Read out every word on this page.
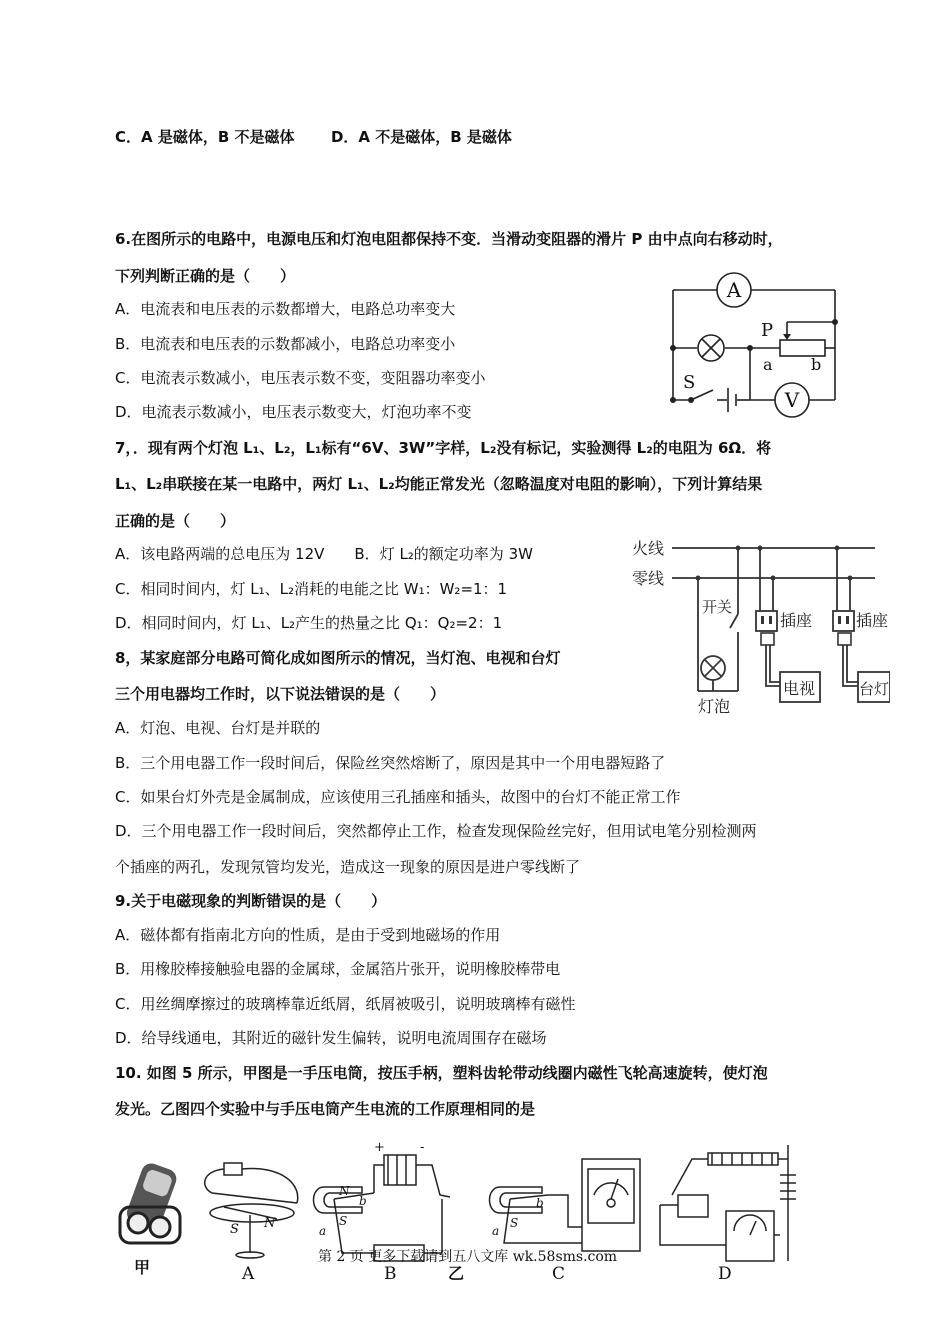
C．A 是磁体，B 不是磁体 D．A 不是磁体，B 是磁体
6.在图所示的电路中，电源电压和灯泡电阻都保持不变．当滑动变阻器的滑片 P 由中点向右移动时，
下列判断正确的是（　　）
A．电流表和电压表的示数都增大，电路总功率变大
B．电流表和电压表的示数都减小，电路总功率变小
C．电流表示数减小，电压表示数不变，变阻器功率变小
D．电流表示数减小，电压表示数变大，灯泡功率不变
A
V
P
a b
S
7，．现有两个灯泡 L₁、L₂，L₁标有“6V、3W”字样，L₂没有标记，实验测得 L₂的电阻为 6Ω．将
L₁、L₂串联接在某一电路中，两灯 L₁、L₂均能正常发光（忽略温度对电阻的影响），下列计算结果
正确的是（　　）
A．该电路两端的总电压为 12V　　B．灯 L₂的额定功率为 3W
C．相同时间内，灯 L₁、L₂消耗的电能之比 W₁：W₂=1：1
D．相同时间内，灯 L₁、L₂产生的热量之比 Q₁：Q₂=2：1
火线
零线
开关
插座	插座
灯泡
电视	台灯
8，某家庭部分电路可简化成如图所示的情况，当灯泡、电视和台灯
三个用电器均工作时，以下说法错误的是（　　）
A．灯泡、电视、台灯是并联的
B．三个用电器工作一段时间后，保险丝突然熔断了，原因是其中一个用电器短路了
C．如果台灯外壳是金属制成，应该使用三孔插座和插头，故图中的台灯不能正常工作
D．三个用电器工作一段时间后，突然都停止工作，检查发现保险丝完好，但用试电笔分别检测两
个插座的两孔，发现氖管均发光，造成这一现象的原因是进户零线断了
9.关于电磁现象的判断错误的是（　　）
A．磁体都有指南北方向的性质，是由于受到地磁场的作用
B．用橡胶棒接触验电器的金属球，金属箔片张开，说明橡胶棒带电
C．用丝绸摩擦过的玻璃棒靠近纸屑，纸屑被吸引，说明玻璃棒有磁性
D．给导线通电，其附近的磁针发生偏转，说明电流周围存在磁场
10. 如图 5 所示，甲图是一手压电筒，按压手柄，塑料齿轮带动线圈内磁性飞轮高速旋转，使灯泡
发光。乙图四个实验中与手压电筒产生电流的工作原理相同的是
甲
S N
N
S
a
b
+	-
a
b
S
A	B	乙	C	D
第 2 页 更多下载请到五八文库 wk.58sms.com
